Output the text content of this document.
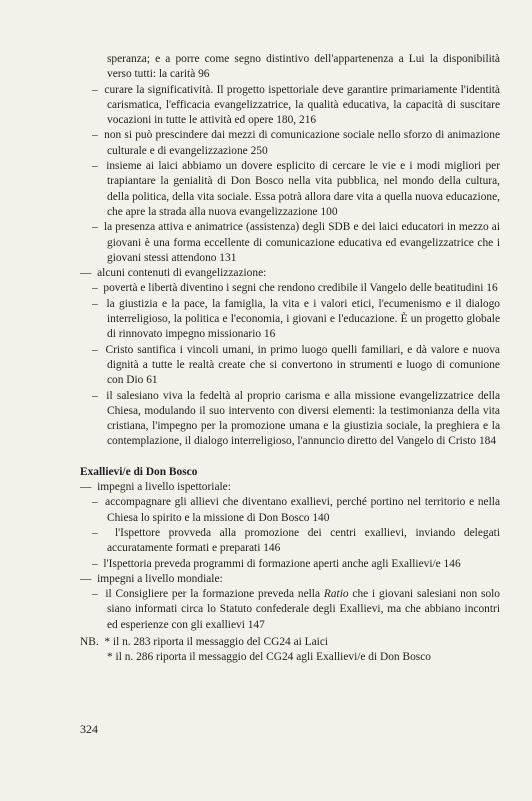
speranza; e a porre come segno distintivo dell'appartenenza a Lui la disponibilità verso tutti: la carità 96

– curare la significatività. Il progetto ispettoriale deve garantire primariamente l'identità carismatica, l'efficacia evangelizzatrice, la qualità educativa, la capacità di suscitare vocazioni in tutte le attività ed opere 180, 216

– non si può prescindere dai mezzi di comunicazione sociale nello sforzo di animazione culturale e di evangelizzazione 250

– insieme ai laici abbiamo un dovere esplicito di cercare le vie e i modi migliori per trapiantare la genialità di Don Bosco nella vita pubblica, nel mondo della cultura, della politica, della vita sociale. Essa potrà allora dare vita a quella nuova educazione, che apre la strada alla nuova evangelizzazione 100

– la presenza attiva e animatrice (assistenza) degli SDB e dei laici educatori in mezzo ai giovani è una forma eccellente di comunicazione educativa ed evangelizzatrice che i giovani stessi attendono 131

— alcuni contenuti di evangelizzazione:

– povertà e libertà diventino i segni che rendono credibile il Vangelo delle beatitudini 16

– la giustizia e la pace, la famiglia, la vita e i valori etici, l'ecumenismo e il dialogo interreligioso, la politica e l'economia, i giovani e l'educazione. È un progetto globale di rinnovato impegno missionario 16

– Cristo santifica i vincoli umani, in primo luogo quelli familiari, e dà valore e nuova dignità a tutte le realtà create che si convertono in strumenti e luogo di comunione con Dio 61

– il salesiano viva la fedeltà al proprio carisma e alla missione evangelizzatrice della Chiesa, modulando il suo intervento con diversi elementi: la testimonianza della vita cristiana, l'impegno per la promozione umana e la giustizia sociale, la preghiera e la contemplazione, il dialogo interreligioso, l'annuncio diretto del Vangelo di Cristo 184

Exallievi/e di Don Bosco

— impegni a livello ispettoriale:

– accompagnare gli allievi che diventano exallievi, perché portino nel territorio e nella Chiesa lo spirito e la missione di Don Bosco 140

– l'Ispettore provveda alla promozione dei centri exallievi, inviando delegati accuratamente formati e preparati 146

– l'Ispettoria preveda programmi di formazione aperti anche agli Exallievi/e 146

— impegni a livello mondiale:

– il Consigliere per la formazione preveda nella Ratio che i giovani salesiani non solo siano informati circa lo Statuto confederale degli Exallievi, ma che abbiano incontri ed esperienze con gli exallievi 147

NB. * il n. 283 riporta il messaggio del CG24 ai Laici

* il n. 286 riporta il messaggio del CG24 agli Exallievi/e di Don Bosco

324
